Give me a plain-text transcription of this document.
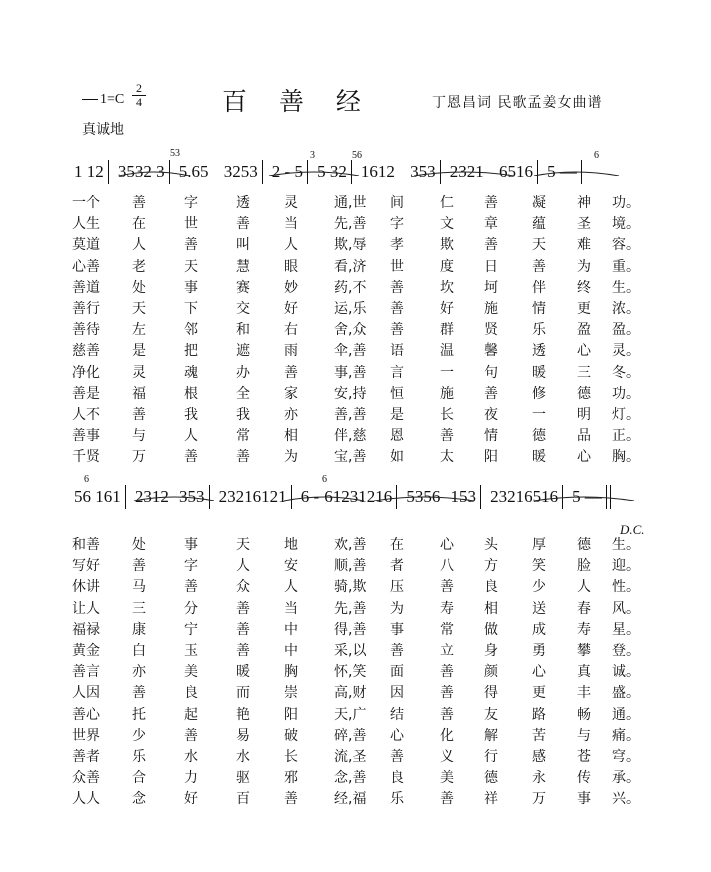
1=C
2
4	百 善 经	丁恩昌词 民歌孟姜女曲谱
真诚地
1 12 3532 3 5.65 3253 2 - 5 5 32 1612 353 2321 6516 5 —
53	3	56	6
一个 善	字	透 灵	通,世 间	仁 善 凝 神 功。
人生 在	世	善 当	先,善 字	文 章 蕴 圣 境。
莫道 人	善	叫 人	欺,辱 孝	欺 善 天 难 容。
心善 老	天	慧 眼	看,济 世	度 日 善 为 重。
善道 处	事	赛 妙	药,不 善	坎 坷 伴 终 生。
善行 天	下	交 好	运,乐 善	好 施 情 更 浓。
善待 左	邻	和 右	舍,众 善	群 贤 乐 盈 盈。
慈善 是	把	遮 雨	伞,善 语	温 馨 透 心 灵。
净化 灵	魂	办 善	事,善 言	一 句 暖 三 冬。
善是 福	根	全 家	安,持 恒	施 善 修 德 功。
人不 善	我	我 亦	善,善 是	长 夜 一 明 灯。
善事 与	人	常 相	伴,慈 恩	善 情 德 品 正。
千贤 万	善	善 为	宝,善 如	太 阳 暖 心 胸。
56 161 2312 353 23216121 6 - 61231216 5356 153 23216516 5 —
6	6
D.C.
和善 处	事	天 地	欢,善 在	心 头 厚 德 生。
写好 善	字	人 安	顺,善 者	八 方 笑 脸 迎。
休讲 马	善	众 人	骑,欺 压	善 良 少 人 性。
让人 三	分	善 当	先,善 为	寿 相 送 春 风。
福禄 康	宁	善 中	得,善 事	常 做 成 寿 星。
黄金 白	玉	善 中	采,以 善	立 身 勇 攀 登。
善言 亦	美	暖 胸	怀,笑 面	善 颜 心 真 诚。
人因 善	良	而 崇	高,财 因	善 得 更 丰 盛。
善心 托	起	艳 阳	天,广 结	善 友 路 畅 通。
世界 少	善	易 破	碎,善 心	化 解 苦 与 痛。
善者 乐	水	水 长	流,圣 善	义 行 感 苍 穹。
众善 合	力	驱 邪	念,善 良	美 德 永 传 承。
人人 念	好	百 善	经,福 乐	善 祥 万 事 兴。
